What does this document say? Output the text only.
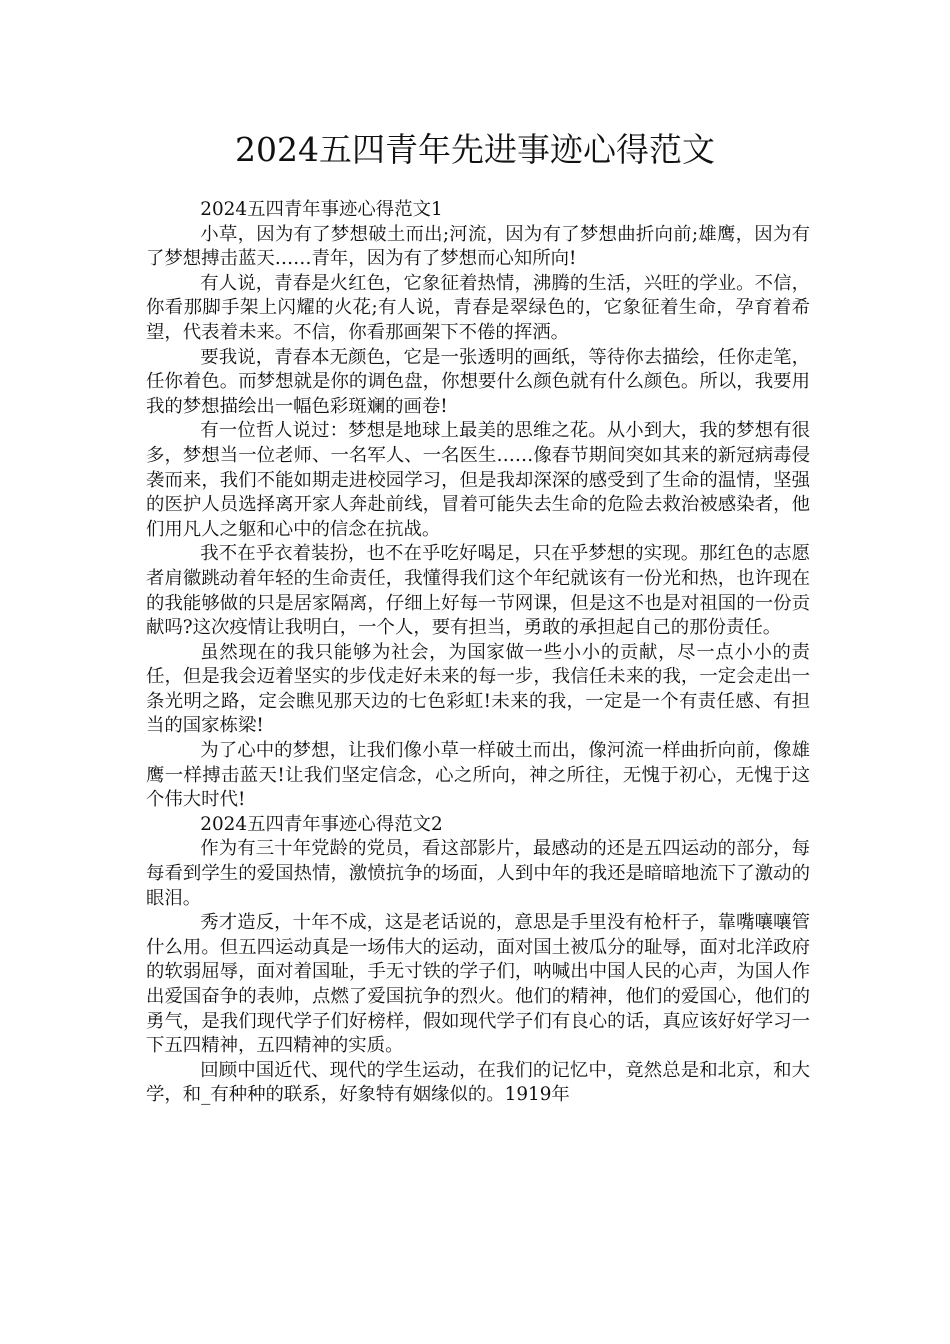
2024五四青年先进事迹心得范文

2024五四青年事迹心得范文1

小草，因为有了梦想破土而出;河流，因为有了梦想曲折向前;雄鹰，因为有了梦想搏击蓝天……青年，因为有了梦想而心知所向!

有人说，青春是火红色，它象征着热情，沸腾的生活，兴旺的学业。不信，你看那脚手架上闪耀的火花;有人说，青春是翠绿色的，它象征着生命，孕育着希望，代表着未来。不信，你看那画架下不倦的挥洒。

要我说，青春本无颜色，它是一张透明的画纸，等待你去描绘，任你走笔，任你着色。而梦想就是你的调色盘，你想要什么颜色就有什么颜色。所以，我要用我的梦想描绘出一幅色彩斑斓的画卷!

有一位哲人说过：梦想是地球上最美的思维之花。从小到大，我的梦想有很多，梦想当一位老师、一名军人、一名医生……像春节期间突如其来的新冠病毒侵袭而来，我们不能如期走进校园学习，但是我却深深的感受到了生命的温情，坚强的医护人员选择离开家人奔赴前线，冒着可能失去生命的危险去救治被感染者，他们用凡人之躯和心中的信念在抗战。

我不在乎衣着装扮，也不在乎吃好喝足，只在乎梦想的实现。那红色的志愿者肩徽跳动着年轻的生命责任，我懂得我们这个年纪就该有一份光和热，也许现在的我能够做的只是居家隔离，仔细上好每一节网课，但是这不也是对祖国的一份贡献吗?这次疫情让我明白，一个人，要有担当，勇敢的承担起自己的那份责任。

虽然现在的我只能够为社会，为国家做一些小小的贡献，尽一点小小的责任，但是我会迈着坚实的步伐走好未来的每一步，我信任未来的我，一定会走出一条光明之路，定会瞧见那天边的七色彩虹!未来的我，一定是一个有责任感、有担当的国家栋梁!

为了心中的梦想，让我们像小草一样破土而出，像河流一样曲折向前，像雄鹰一样搏击蓝天!让我们坚定信念，心之所向，神之所往，无愧于初心，无愧于这个伟大时代!

2024五四青年事迹心得范文2

作为有三十年党龄的党员，看这部影片，最感动的还是五四运动的部分，每每看到学生的爱国热情，激愤抗争的场面，人到中年的我还是暗暗地流下了激动的眼泪。

秀才造反，十年不成，这是老话说的，意思是手里没有枪杆子，靠嘴嚷嚷管什么用。但五四运动真是一场伟大的运动，面对国土被瓜分的耻辱，面对北洋政府的软弱屈辱，面对着国耻，手无寸铁的学子们，呐喊出中国人民的心声，为国人作出爱国奋争的表帅，点燃了爱国抗争的烈火。他们的精神，他们的爱国心，他们的勇气，是我们现代学子们好榜样，假如现代学子们有良心的话，真应该好好学习一下五四精神，五四精神的实质。

回顾中国近代、现代的学生运动，在我们的记忆中，竟然总是和北京，和大学，和_有种种的联系，好象特有姻缘似的。1919年
